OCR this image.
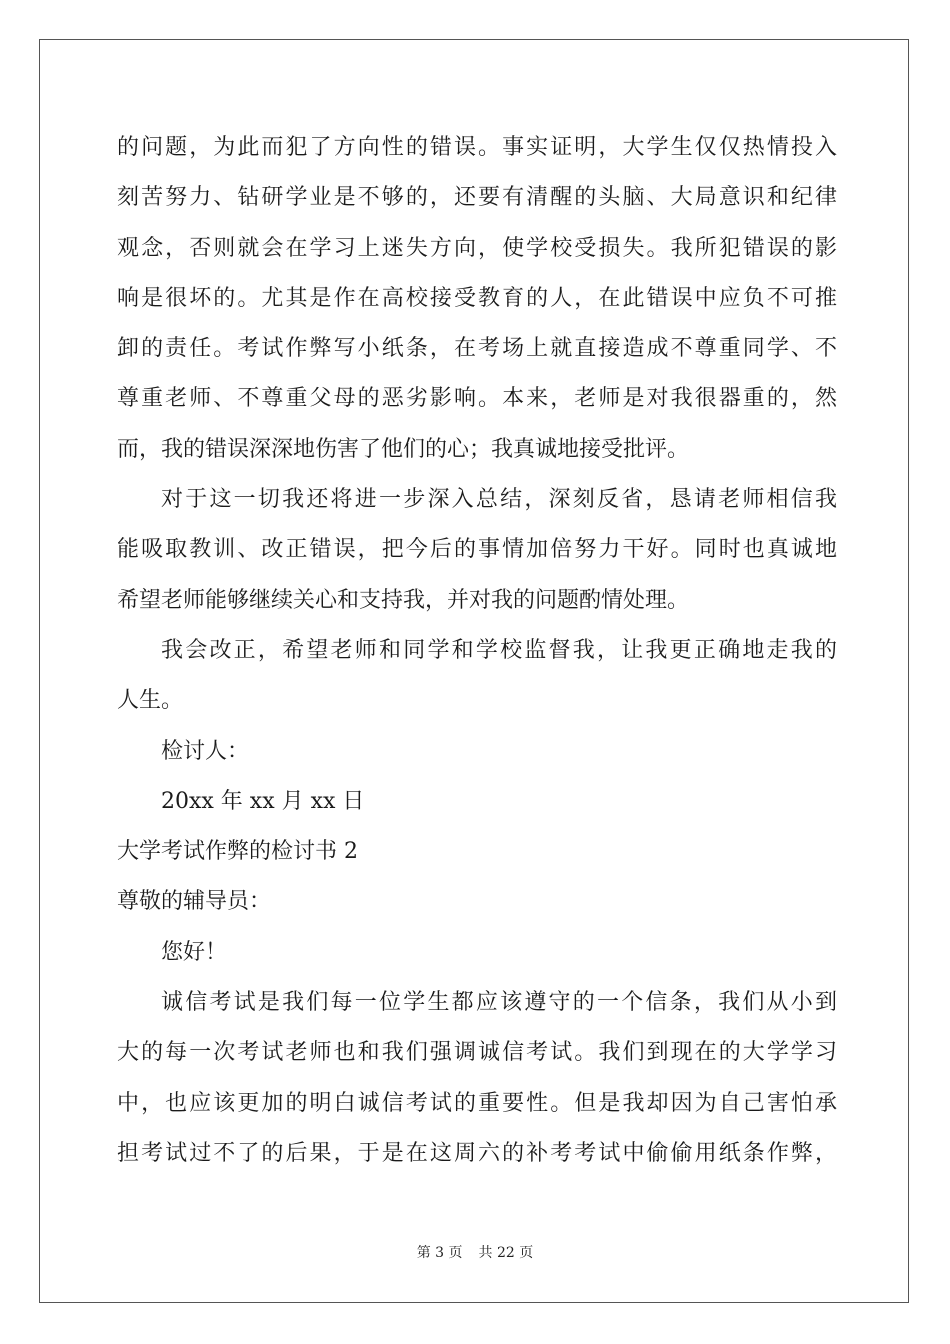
的问题，为此而犯了方向性的错误。事实证明，大学生仅仅热情投入
刻苦努力、钻研学业是不够的，还要有清醒的头脑、大局意识和纪律
观念，否则就会在学习上迷失方向，使学校受损失。我所犯错误的影
响是很坏的。尤其是作在高校接受教育的人，在此错误中应负不可推
卸的责任。考试作弊写小纸条，在考场上就直接造成不尊重同学、不
尊重老师、不尊重父母的恶劣影响。本来，老师是对我很器重的，然
而，我的错误深深地伤害了他们的心；我真诚地接受批评。
对于这一切我还将进一步深入总结，深刻反省，恳请老师相信我
能吸取教训、改正错误，把今后的事情加倍努力干好。同时也真诚地
希望老师能够继续关心和支持我，并对我的问题酌情处理。
我会改正，希望老师和同学和学校监督我，让我更正确地走我的
人生。
检讨人：
20xx 年 xx 月 xx 日
大学考试作弊的检讨书 2
尊敬的辅导员：
您好！
诚信考试是我们每一位学生都应该遵守的一个信条，我们从小到
大的每一次考试老师也和我们强调诚信考试。我们到现在的大学学习
中，也应该更加的明白诚信考试的重要性。但是我却因为自己害怕承
担考试过不了的后果，于是在这周六的补考考试中偷偷用纸条作弊，
第 3 页 共 22 页
